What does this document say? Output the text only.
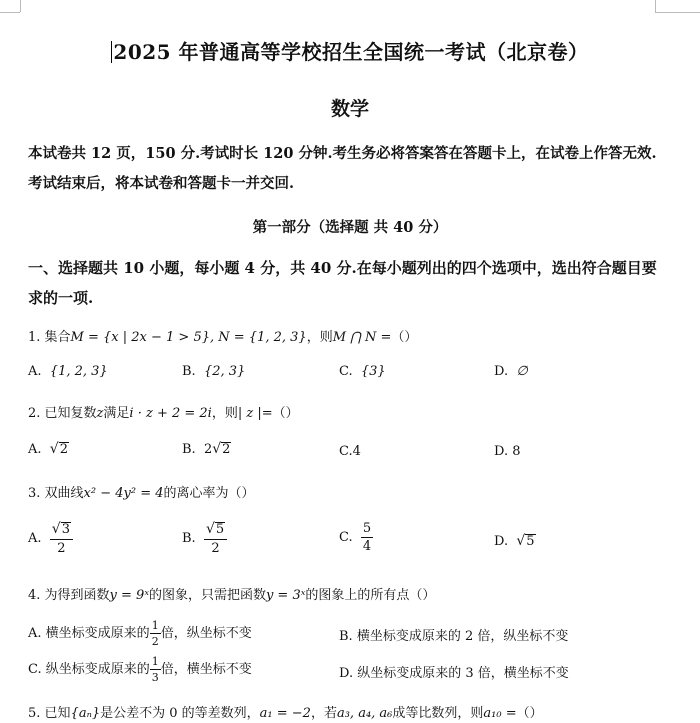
2025 年普通高等学校招生全国统一考试（北京卷）
数学
本试卷共 12 页，150 分.考试时长 120 分钟.考生务必将答案答在答题卡上，在试卷上作答无效.
考试结束后，将本试卷和答题卡一并交回.
第一部分（选择题 共 40 分）
一、选择题共 10 小题，每小题 4 分，共 40 分.在每小题列出的四个选项中，选出符合题目要
求的一项.
1. 集合M = {x | 2x − 1 > 5}, N = {1, 2, 3}，则M ⋂ N =（）
A. {1, 2, 3}	B. {2, 3}	C. {3}	D. ∅
2. 已知复数z满足i · z + 2 = 2i，则| z |=（）
A. √ 2	B. 2 √ 2	C.4	D. 8
3. 双曲线x² − 4y² = 4的离心率为（）
A. $\frac{√ 3}{2}$	B. $\frac{√ 5}{2}$	C. $\frac{5}{4}$	D. √ 5
4. 为得到函数y = 9ˣ的图象，只需把函数y = 3ˣ的图象上的所有点（）
A. 横坐标变成原来的 $\frac{1}{2}$ 倍，纵坐标不变	B. 横坐标变成原来的 2 倍，纵坐标不变
C. 纵坐标变成原来的 $\frac{1}{3}$ 倍，横坐标不变	D. 纵坐标变成原来的 3 倍，横坐标不变
5. 已知{aₙ}是公差不为 0 的等差数列，a₁ = −2，若a₃, a₄, a₆成等比数列，则a₁₀ =（）
